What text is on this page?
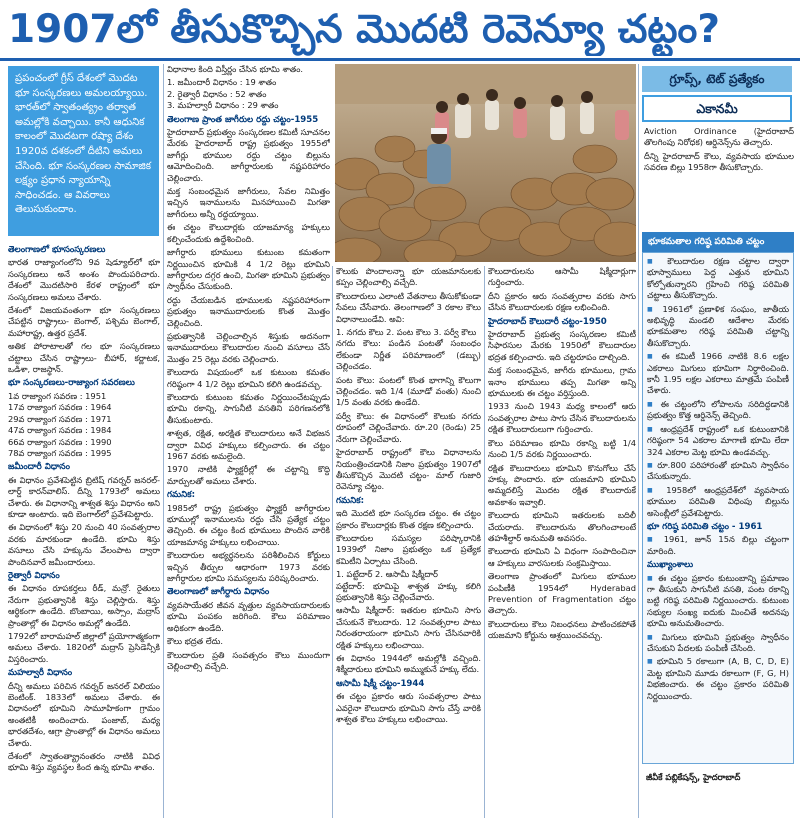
1907లో తీసుకొచ్చిన మొదటి రెవెన్యూ చట్టం?
ప్రపంచంలో గ్రీస్‌ దేశంలో మొదట భూ సంస్కరణలు అమలయ్యాయి. భారత్‌లో స్వాతంత్య్రం తర్వాత అమల్లోకి వచ్చాయి. కానీ ఆధునిక కాలంలో మొదటగా రష్యా దేశం 1920వ దశకంలో దీటిని అమలు చేసింది. భూ సంస్కరణల సామాజిక లక్ష్యం ప్రధాన న్యాయాన్ని సాధించడం. ఆ వివరాలు తెలుసుకుందాం.

తెలంగాణలో భూసంస్కరణలు

భారత రాజ్యాంగంలోని 9వ షెడ్యూల్‌లో భూ సంస్కరణలు అనే అంశం పొందుపరిచారు. దేశంలో మొదటిసారి కేరళ రాష్ట్రంలో భూ సంస్కరణలు అమలు చేశారు.

దేశంలో విజయవంతంగా భూ సంస్కరణలు చేపట్టిన రాష్ట్రాలు- బెంగాల్‌, పశ్చిమ బెంగాల్‌, మహారాష్ట్ర, ఉత్తర ప్రదేశ్‌.

అతిక పోరాటాలతో గల భూ సంస్కరణలు చట్టాలు చేసిన రాష్ట్రాలు- బీహార్‌, కర్ణాటక, ఒడిశా, రాజస్థాన్‌.

భూ సంస్కరణలు-రాజ్యాంగ సవరణలు

1వ రాజ్యాంగ సవరణ : 1951
17వ రాజ్యాంగ సవరణ : 1964
29వ రాజ్యాంగ సవరణ : 1971
47వ రాజ్యాంగ సవరణ : 1984
66వ రాజ్యాంగ సవరణ : 1990
78వ రాజ్యాంగ సవరణ : 1995

జమీందారీ విధానం

ఈ విధానం ప్రవేశపెట్టిన బ్రిటిష్‌ గవర్నర్‌ జనరల్‌- లార్డ్‌ కారన్‌వాలిస్‌. దీన్ని 1793లో అమలు చేశారు. ఈ విధానాన్ని శాశ్వత శిస్తు విధానం అని కూడా అంటారు. ఇది బెంగాల్‌లో ప్రవేశపెట్టారు.

ఈ విధానంలో శిస్తు 20 నుంచి 40 సంవత్సరాల వరకు మారకుండా ఉండేది. భూమి శిస్తు వసూలు చేసి హక్కును వేలంపాట ద్వారా పొందినవారే జమీందారులు.

రైత్వారీ విధానం

ఈ విధానం రూపకర్తలు రీడ్‌, మన్రో. రైతులు నేరుగా ప్రభుత్వానికి శిస్తు చెల్లిస్తారు. శిస్తు ఆర్థికంగా ఉండేది. బొంబాయి, అస్సాం, మద్రాస్‌ ప్రాంతాల్లో ఈ విధానం అమల్లో ఉండేది.

1792లో బారామహల్‌ జిల్లాలో ప్రయోగాత్మకంగా అమలు చేశారు. 1820లో మద్రాస్‌ ప్రెసిడెన్సీకి విస్తరించారు.

మహల్వారీ విధానం

దీన్ని అమలు పరిచిన గవర్నర్‌ జనరల్‌ విలియం బెంటింక్‌. 1833లో అమలు చేశారు. ఈ విధానంలో భూమిని సామూహికంగా గ్రామం అంతటికీ అందించారు. పంజాబ్‌, మధ్య భారతదేశం, ఆగ్రా ప్రాంతాల్లో ఈ విధానం అమలు చేశారు.

దేశంలో స్వాతంత్య్రానంతరం నాటికి వివిధ భూమి శిస్తు వ్యవస్థల కింద ఉన్న భూమి శాతం.

విధానాల కింది విస్తీర్ణం చేసిన భూమి శాతం.

1. జమీందారీ విధానం : 19 శాతం
2. రైత్వారీ విధానం : 52 శాతం
3. మహల్వారీ విధానం : 29 శాతం

తెలంగాణ ప్రాంత జాగీరుల రద్దు చట్టం-1955

హైదరాబాద్‌ ప్రభుత్వం సంస్కరణల కమిటీ సూచనల మేరకు హైదరాబాద్‌ రాష్ట్ర ప్రభుత్వం 1955లో జాగీర్లు భూముల రద్దు చట్టం బిల్లును ఆమోదించింది. జాగీర్దారులకు నష్టపరిహారం చెల్లించారు.

మక్త సంబంధమైన జాగీరులు, సేవల నిమిత్తం ఇచ్చిన ఇనాములను మినహాయించి మిగతా జాగీరులు అన్నీ రద్దయ్యాయి.

ఈ చట్టం కౌలుదార్లకు యాజమాన్య హక్కులు కల్పించేందుకు ఉద్దేశించింది.

జాగీర్దారు భూములు కుటుంబ కమతంగా నిర్ణయించిన భూమికి 4 1/2 రెట్లు భూమిని జాగీర్దారుల దగ్గర ఉంచి, మిగతా భూమిని ప్రభుత్వం స్వాధీనం చేసుకుంది.

రద్దు చేయబడిన భూములకు నష్టపరిహారంగా ప్రభుత్వం ఇనాముదారులకు కొంత మొత్తం చెల్లించింది.

ప్రభుత్వానికి చెల్లించాల్సిన శిస్తుకు అదనంగా ఇనాముదారులు కౌలుదారుల నుంచి వసూలు చేసే మొత్తం 25 రెట్లు వరకు చెల్లించారు.

కౌలుదారు విషయంలో ఒక కుటుంబ కమతం గరిష్ఠంగా 4 1/2 రెట్లు భూమిని కలిగి ఉండవచ్చు.

కౌలుదారు కుటుంబ కమతం నిర్ణయించేటప్పుడు భూమి రకాన్ని, సాగునీటి వసతిని పరిగణనలోకి తీసుకుంటారు.

శాశ్వత, రక్షిత, అరక్షిత కౌలుదారులు అనే విభజన ద్వారా వివిధ హక్కులు కల్పించారు. ఈ చట్టం 1967 వరకు అమలైంది.

1970 నాటికి ఫ్యాక్టరీల్లో ఈ చట్టాన్ని కొద్ది మార్పులతో అమలు చేశారు.

గమనిక:

1985లో రాష్ట్ర ప్రభుత్వం ఫ్యాక్టరీ జాగీర్దారుల భూముల్లో ఇనాములను రద్దు చేసి ప్రత్యేక చట్టం తెచ్చింది. ఈ చట్టం కింద భూములు పొందిన వారికి యాజమాన్య హక్కులు లభించాయి.

కౌలుదారుల అభ్యర్థనలను పరిశీలించిన కోర్టులు ఇచ్చిన తీర్పుల ఆధారంగా 1973 వరకు జాగీర్దారుల భూమి సమస్యలను పరిష్కరించారు.

తెలంగాణలో జాగీర్దారు విధానం

వ్యవసాయేతర జీవన వృత్తుల వ్యవసాయదారులకు భూమి పంపకం జరిగింది. కౌలు పరిమాణం అధికంగా ఉండేది.

కౌలు భద్రత లేదు.

కౌలుదారుల ప్రతి సంవత్సరం కౌలు ముందుగా చెల్లించాల్సి వచ్చేది.

కౌలుకు పొందాలన్నా భూ యజమానులకు కప్పం చెల్లించాల్సి వచ్చేది.

కౌలుదారులు ఎలాంటి వేతనాలు తీసుకోకుండా సేవలు చేసేవారు. తెలంగాణలో 3 రకాల కౌలు విధానాలుండేవి. అవి:

1. నగదు కౌలు 2. పంట కౌలు 3. పర్వీ కౌలు

నగదు కౌలు: పండిన పంటతో సంబంధం లేకుండా నిర్ణీత పరిమాణంలో (డబ్బు) చెల్లించడం.

పంట కౌలు: పంటలో కొంత భాగాన్ని కౌలుగా చెల్లించడం. ఇది 1/4 (మూడో వంతు) నుంచి 1/5 వంతు వరకు ఉండేది.

పర్వీ కౌలు: ఈ విధానంలో కౌలుకు నగదు రూపంలో చెల్లించేవారు. రూ.20 (రెండు) 25 నేరుగా చెల్లించేవారు.

హైదరాబాద్‌ రాష్ట్రంలో కౌలు విధానాలను నియంత్రించడానికి నిజాం ప్రభుత్వం 1907లో తీసుకొచ్చిన మొదటి చట్టం- మాల్‌ గుజారి రెవెన్యూ చట్టం.

గమనిక:

ఇది మొదటి భూ సంస్కరణ చట్టం. ఈ చట్టం ప్రకారం కౌలుదార్లకు కొంత రక్షణ కల్పించారు.

కౌలుదారుల సమస్యల పరిష్కారానికి 1939లో నిజాం ప్రభుత్వం ఒక ప్రత్యేక కమిటీని ఏర్పాటు చేసింది.

1. పట్టేదార్‌ 2. ఆసామీ షిక్మీదార్‌

పట్టేదార్‌: భూమిపై శాశ్వత హక్కు కలిగి ప్రభుత్వానికి శిస్తు చెల్లించేవారు.

ఆసామీ షిక్మీదార్‌: ఇతరుల భూమిని సాగు చేసుకునే కౌలుదారు. 12 సంవత్సరాల పాటు నిరంతరాయంగా భూమిని సాగు చేసినవారికి రక్షిత హక్కులు లభించాయి.

ఈ విధానం 1944లో అమల్లోకి వచ్చింది. శిక్మీదారులు భూమిని అమ్ముకునే హక్కు లేదు.

ఆసామీ షిక్మీ చట్టం-1944

ఈ చట్టం ప్రకారం ఆరు సంవత్సరాల పాటు ఎవరైనా కౌలుదారు భూమిని సాగు చేస్తే వారికి శాశ్వత కౌలు హక్కులు లభించాయి.

కౌలుదారులను ఆసామీ షిక్మీదార్లుగా గుర్తించారు.

దీని ప్రకారం ఆరు సంవత్సరాల వరకు సాగు చేసిన కౌలుదారులకు రక్షణ లభించింది.

హైదరాబాద్‌ కౌలుదారీ చట్టం-1950

హైదరాబాద్‌ ప్రభుత్వ సంస్కరణల కమిటీ సిఫారసుల మేరకు 1950లో కౌలుదారుల భద్రత కల్పించారు. ఇది చట్టరూపం దాల్చింది.

మక్త సంబంధమైన, జాగీరు భూములు, గ్రామ ఇనాం భూములు తప్ప మిగతా అన్ని భూములకు ఈ చట్టం వర్తిస్తుంది.

1933 నుంచి 1943 మధ్య కాలంలో ఆరు సంవత్సరాల పాటు సాగు చేసిన కౌలుదారులను రక్షిత కౌలుదారులుగా గుర్తించారు.

కౌలు పరిమాణం భూమి రకాన్ని బట్టి 1/4 నుంచి 1/5 వరకు నిర్ణయించారు.

రక్షిత కౌలుదారులు భూమిని కొనుగోలు చేసే హక్కు పొందారు. భూ యజమాని భూమిని అమ్మదలిస్తే మొదట రక్షిత కౌలుదారుకే అవకాశం ఇవ్వాలి.

కౌలుదారు భూమిని ఇతరులకు బదిలీ చేయరాదు. కౌలుదారును తొలగించాలంటే తహశీల్దార్‌ అనుమతి అవసరం.

కౌలుదారు భూమిని ఏ విధంగా సంపాదించినా ఆ హక్కులు వారసులకు సంక్రమిస్తాయి.

తెలంగాణ ప్రాంతంలో మిగులు భూముల పంపిణీకి 1954లో Hyderabad Prevention of Fragmentation చట్టం తెచ్చారు.

కౌలుదారులు కౌలు నిబంధనలు పాటించకపోతే యజమాని కోర్టును ఆశ్రయించవచ్చు.

గ్రూప్స్‌, టెట్‌ ప్రత్యేకం
ఎకానమీ

Aviction Ordinance (హైదరాబాద్‌ తొలగింపు నిరోధక) ఆర్డినెన్స్‌ను తెచ్చారు.

దీన్ని హైదరాబాద్‌ కౌలు, వ్యవసాయ భూముల సవరణ బిల్లు 1958గా తీసుకొచ్చారు.

భూకమతాల గరిష్ఠ పరిమితి చట్టం

■ కౌలుదారుల రక్షణ చట్టాల ద్వారా భూస్వాములు పెద్ద ఎత్తున భూమిని కోల్పోతున్నారని గ్రహించి గరిష్ఠ పరిమితి చట్టాలు తీసుకొచ్చారు.

■ 1961లో ప్రణాళిక సంఘం, జాతీయ అభివృద్ధి మండలి ఆదేశాల మేరకు భూకమతాల గరిష్ఠ పరిమితి చట్టాన్ని తీసుకొచ్చారు.

■ ఈ కమిటీ 1966 నాటికి 8.6 లక్షల ఎకరాలు మిగులు భూమిగా నిర్ధారించింది. కానీ 1.95 లక్షల ఎకరాలు మాత్రమే పంపిణీ చేశారు.

■ ఈ చట్టంలోని లోపాలను సరిదిద్దడానికి ప్రభుత్వం కొత్త ఆర్డినెన్స్‌ తెచ్చింది.

■ ఆంధ్రప్రదేశ్‌ రాష్ట్రంలో ఒక కుటుంబానికి గరిష్ఠంగా 54 ఎకరాల మాగాణి భూమి లేదా 324 ఎకరాల మెట్ట భూమి ఉండవచ్చు.

■ రూ.800 పరిహారంతో భూమిని స్వాధీనం చేసుకున్నారు.

■ 1958లో ఆంధ్రప్రదేశ్‌లో వ్యవసాయ భూముల పరిమితి విధింపు బిల్లును అసెంబ్లీలో ప్రవేశపెట్టారు.

భూ గరిష్ఠ పరిమితి చట్టం - 1961

■ 1961, జూన్‌ 15న బిల్లు చట్టంగా మారింది.

ముఖ్యాంశాలు

■ ఈ చట్టం ప్రకారం కుటుంబాన్ని ప్రమాణం గా తీసుకుని సాగునీటి వసతి, పంట రకాన్ని బట్టి గరిష్ఠ పరిమితి నిర్ణయించారు. కుటుంబ సభ్యుల సంఖ్య ఐదుకు మించితే అదనపు భూమి అనుమతించారు.

■ మిగులు భూమిని ప్రభుత్వం స్వాధీనం చేసుకుని పేదలకు పంపిణీ చేసింది.

■ భూమిని 5 రకాలుగా (A, B, C, D, E) మెట్ట భూమిని మూడు రకాలుగా (F, G, H) విభజించారు. ఈ చట్టం ప్రకారం పరిమితి నిర్ణయించారు.

జీవీకే పబ్లికేషన్స్‌, హైదరాబాద్‌
